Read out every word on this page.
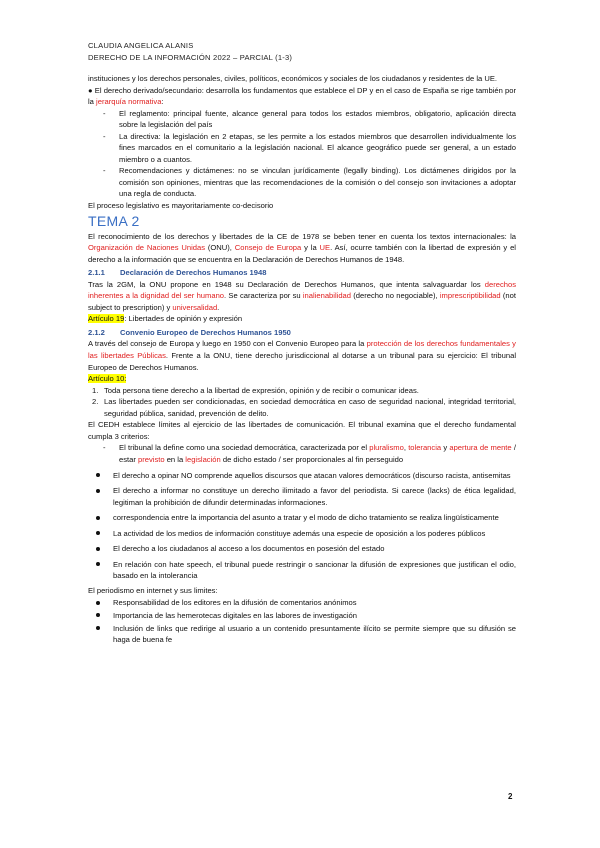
CLAUDIA ANGELICA ALANIS
DERECHO DE LA INFORMACIÓN 2022 – PARCIAL (1-3)
instituciones y los derechos personales, civiles, políticos, económicos y sociales de los ciudadanos y residentes de la UE.
● El derecho derivado/secundario: desarrolla los fundamentos que establece el DP y en el caso de España se rige también por la jerarquía normativa:
- El reglamento: principal fuente, alcance general para todos los estados miembros, obligatorio, aplicación directa sobre la legislación del país
- La directiva: la legislación en 2 etapas, se les permite a los estados miembros que desarrollen individualmente los fines marcados en el comunitario a la legislación nacional. El alcance geográfico puede ser general, a un estado miembro o a cuantos.
- Recomendaciones y dictámenes: no se vinculan jurídicamente (legally binding). Los dictámenes dirigidos por la comisión son opiniones, mientras que las recomendaciones de la comisión o del consejo son invitaciones a adoptar una regla de conducta.
El proceso legislativo es mayoritariamente co-decisorio
TEMA 2
El reconocimiento de los derechos y libertades de la CE de 1978 se beben tener en cuenta los textos internacionales: la Organización de Naciones Unidas (ONU), Consejo de Europa y la UE. Así, ocurre también con la libertad de expresión y el derecho a la información que se encuentra en la Declaración de Derechos Humanos de 1948.
2.1.1 Declaración de Derechos Humanos 1948
Tras la 2GM, la ONU propone en 1948 su Declaración de Derechos Humanos, que intenta salvaguardar los derechos inherentes a la dignidad del ser humano. Se caracteriza por su inalienabilidad (derecho no negociable), imprescriptibilidad (not subject to prescription) y universalidad.
Artículo 19: Libertades de opinión y expresión
2.1.2 Convenio Europeo de Derechos Humanos 1950
A través del consejo de Europa y luego en 1950 con el Convenio Europeo para la protección de los derechos fundamentales y las libertades Públicas. Frente a la ONU, tiene derecho jurisdiccional al dotarse a un tribunal para su ejercicio: El tribunal Europeo de Derechos Humanos.
Artículo 10:
1. Toda persona tiene derecho a la libertad de expresión, opinión y de recibir o comunicar ideas.
2. Las libertades pueden ser condicionadas, en sociedad democrática en caso de seguridad nacional, integridad territorial, seguridad pública, sanidad, prevención de delito.
El CEDH establece límites al ejercicio de las libertades de comunicación. El tribunal examina que el derecho fundamental cumpla 3 criterios:
- El tribunal la define como una sociedad democrática, caracterizada por el pluralismo, tolerancia y apertura de mente / estar previsto en la legislación de dicho estado / ser proporcionales al fin perseguido
El derecho a opinar NO comprende aquellos discursos que atacan valores democráticos (discurso racista, antisemitas
El derecho a informar no constituye un derecho ilimitado a favor del periodista. Si carece (lacks) de ética legalidad, legitiman la prohibición de difundir determinadas informaciones.
correspondencia entre la importancia del asunto a tratar y el modo de dicho tratamiento se realiza lingüísticamente
La actividad de los medios de información constituye además una especie de oposición a los poderes públicos
El derecho a los ciudadanos al acceso a los documentos en posesión del estado
En relación con hate speech, el tribunal puede restringir o sancionar la difusión de expresiones que justifican el odio, basado en la intolerancia
El periodismo en internet y sus limites:
Responsabilidad de los editores en la difusión de comentarios anónimos
Importancia de las hemerotecas digitales en las labores de investigación
Inclusión de links que redirige al usuario a un contenido presuntamente ilícito se permite siempre que su difusión se haga de buena fe
2
